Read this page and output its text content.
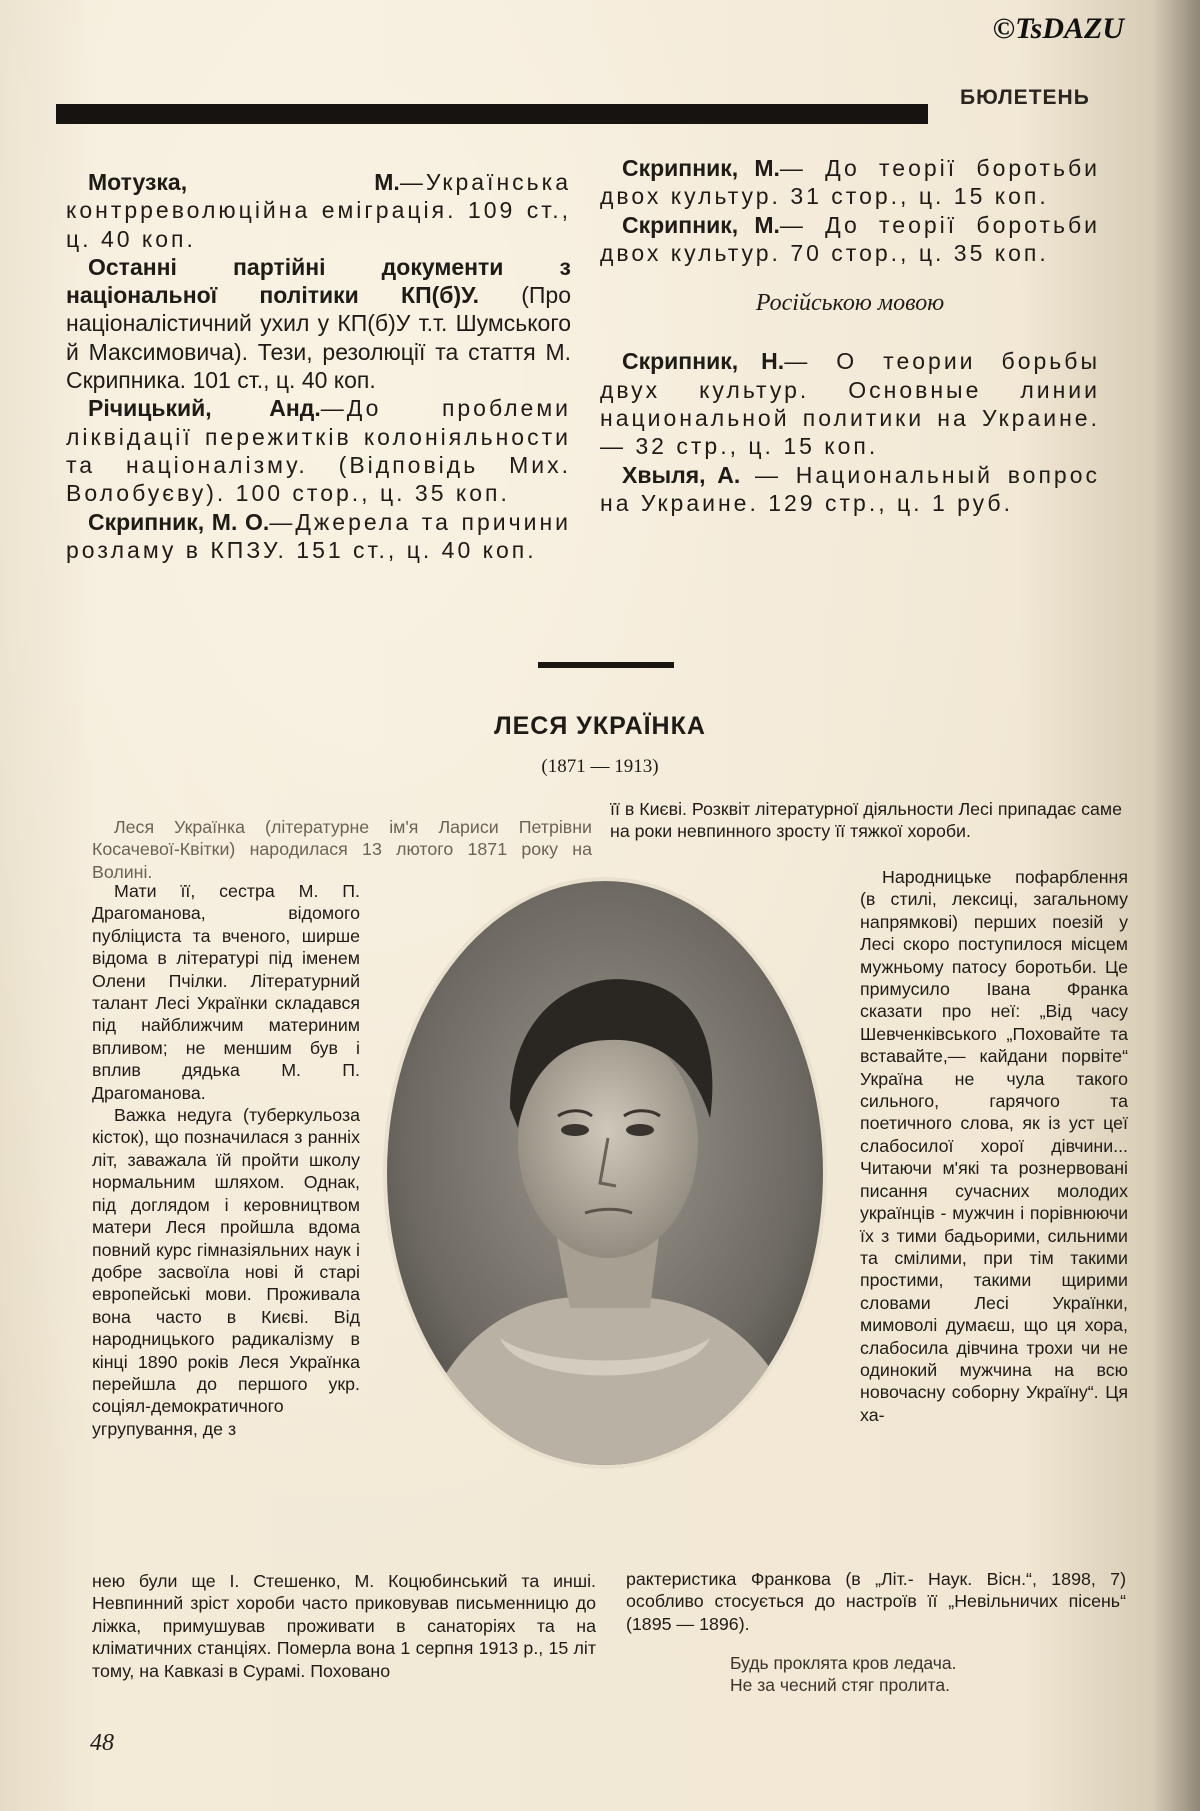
©TsDAZU
БЮЛЕТЕНЬ

Мотузка, М.—Українська контрреволюційна еміграція. 109 ст., ц. 40 коп.

Останні партійні документи з національної політики КП(б)У. (Про націоналістичний ухил у КП(б)У т.т. Шумського й Максимовича). Тези, резолюції та стаття М. Скрипника. 101 ст., ц. 40 коп.

Річицький, Анд.—До проблеми ліквідації пережитків колоніяльности та націоналізму. (Відповідь Мих. Волобуєву). 100 стор., ц. 35 коп.

Скрипник, М. О.—Джерела та причини розламу в КПЗУ. 151 ст., ц. 40 коп.

Скрипник, М.— До теорії боротьби двох культур. 31 стор., ц. 15 коп.

Скрипник, М.— До теорії боротьби двох культур. 70 стор., ц. 35 коп.

Російською мовою

Скрипник, Н.— О теории борьбы двух культур. Основные линии национальной политики на Украине.— 32 стр., ц. 15 коп.

Хвыля, А. — Национальный вопрос на Украине. 129 стр., ц. 1 руб.

ЛЕСЯ УКРАЇНКА
(1871 — 1913)

Леся Українка (літературне ім'я Лариси Петрівни Косачевої-Квітки) народилася 13 лютого 1871 року на Волині.

Мати її, сестра М. П. Драгоманова, відомого публіциста та вченого, ширше відома в літературі під іменем Олени Пчілки. Літературний талант Лесі Українки складався під найближчим материним впливом; не меншим був і вплив дядька М. П. Драгоманова.

Важка недуга (туберкульоза кісток), що позначилася з ранніх літ, заважала їй пройти школу нормальним шляхом. Однак, під доглядом і керовництвом матери Леся пройшла вдома повний курс гімназіяльних наук і добре засвоїла нові й старі европейські мови. Проживала вона часто в Києві. Від народницького радикалізму в кінці 1890 років Леся Українка перейшла до першого укр. соціял-демократичного угрупування, де з

нею були ще І. Стешенко, М. Коцюбинський та инші. Невпинний зріст хороби часто приковував письменницю до ліжка, примушував проживати в санаторіях та на кліматичних станціях. Померла вона 1 серпня 1913 р., 15 літ тому, на Кавказі в Сурамі. Поховано

її в Києві. Розквіт літературної діяльности Лесі припадає саме на роки невпинного зросту її тяжкої хороби.

Народницьке пофарблення (в стилі, лексиці, загальному напрямкові) перших поезій у Лесі скоро поступилося місцем мужньому патосу боротьби. Це примусило Івана Франка сказати про неї: „Від часу Шевченківського „Поховайте та вставайте,— кайдани порвіте“ Україна не чула такого сильного, гарячого та поетичного слова, як із уст цеї слабосилої хорої дівчини... Читаючи м'які та рознервовані писання сучасних молодих українців - мужчин і порівнюючи їх з тими бадьорими, сильними та смілими, при тім такими простими, такими щирими словами Лесі Українки, мимоволі думаєш, що ця хора, слабосила дівчина трохи чи не одинокий мужчина на всю новочасну соборну Україну“. Ця ха-

рактеристика Франкова (в „Літ.- Наук. Вісн.“, 1898, 7) особливо стосується до настроїв її „Невільничих пісень“ (1895 — 1896).

Будь проклята кров ледача.
Не за чесний стяг пролита.
48
